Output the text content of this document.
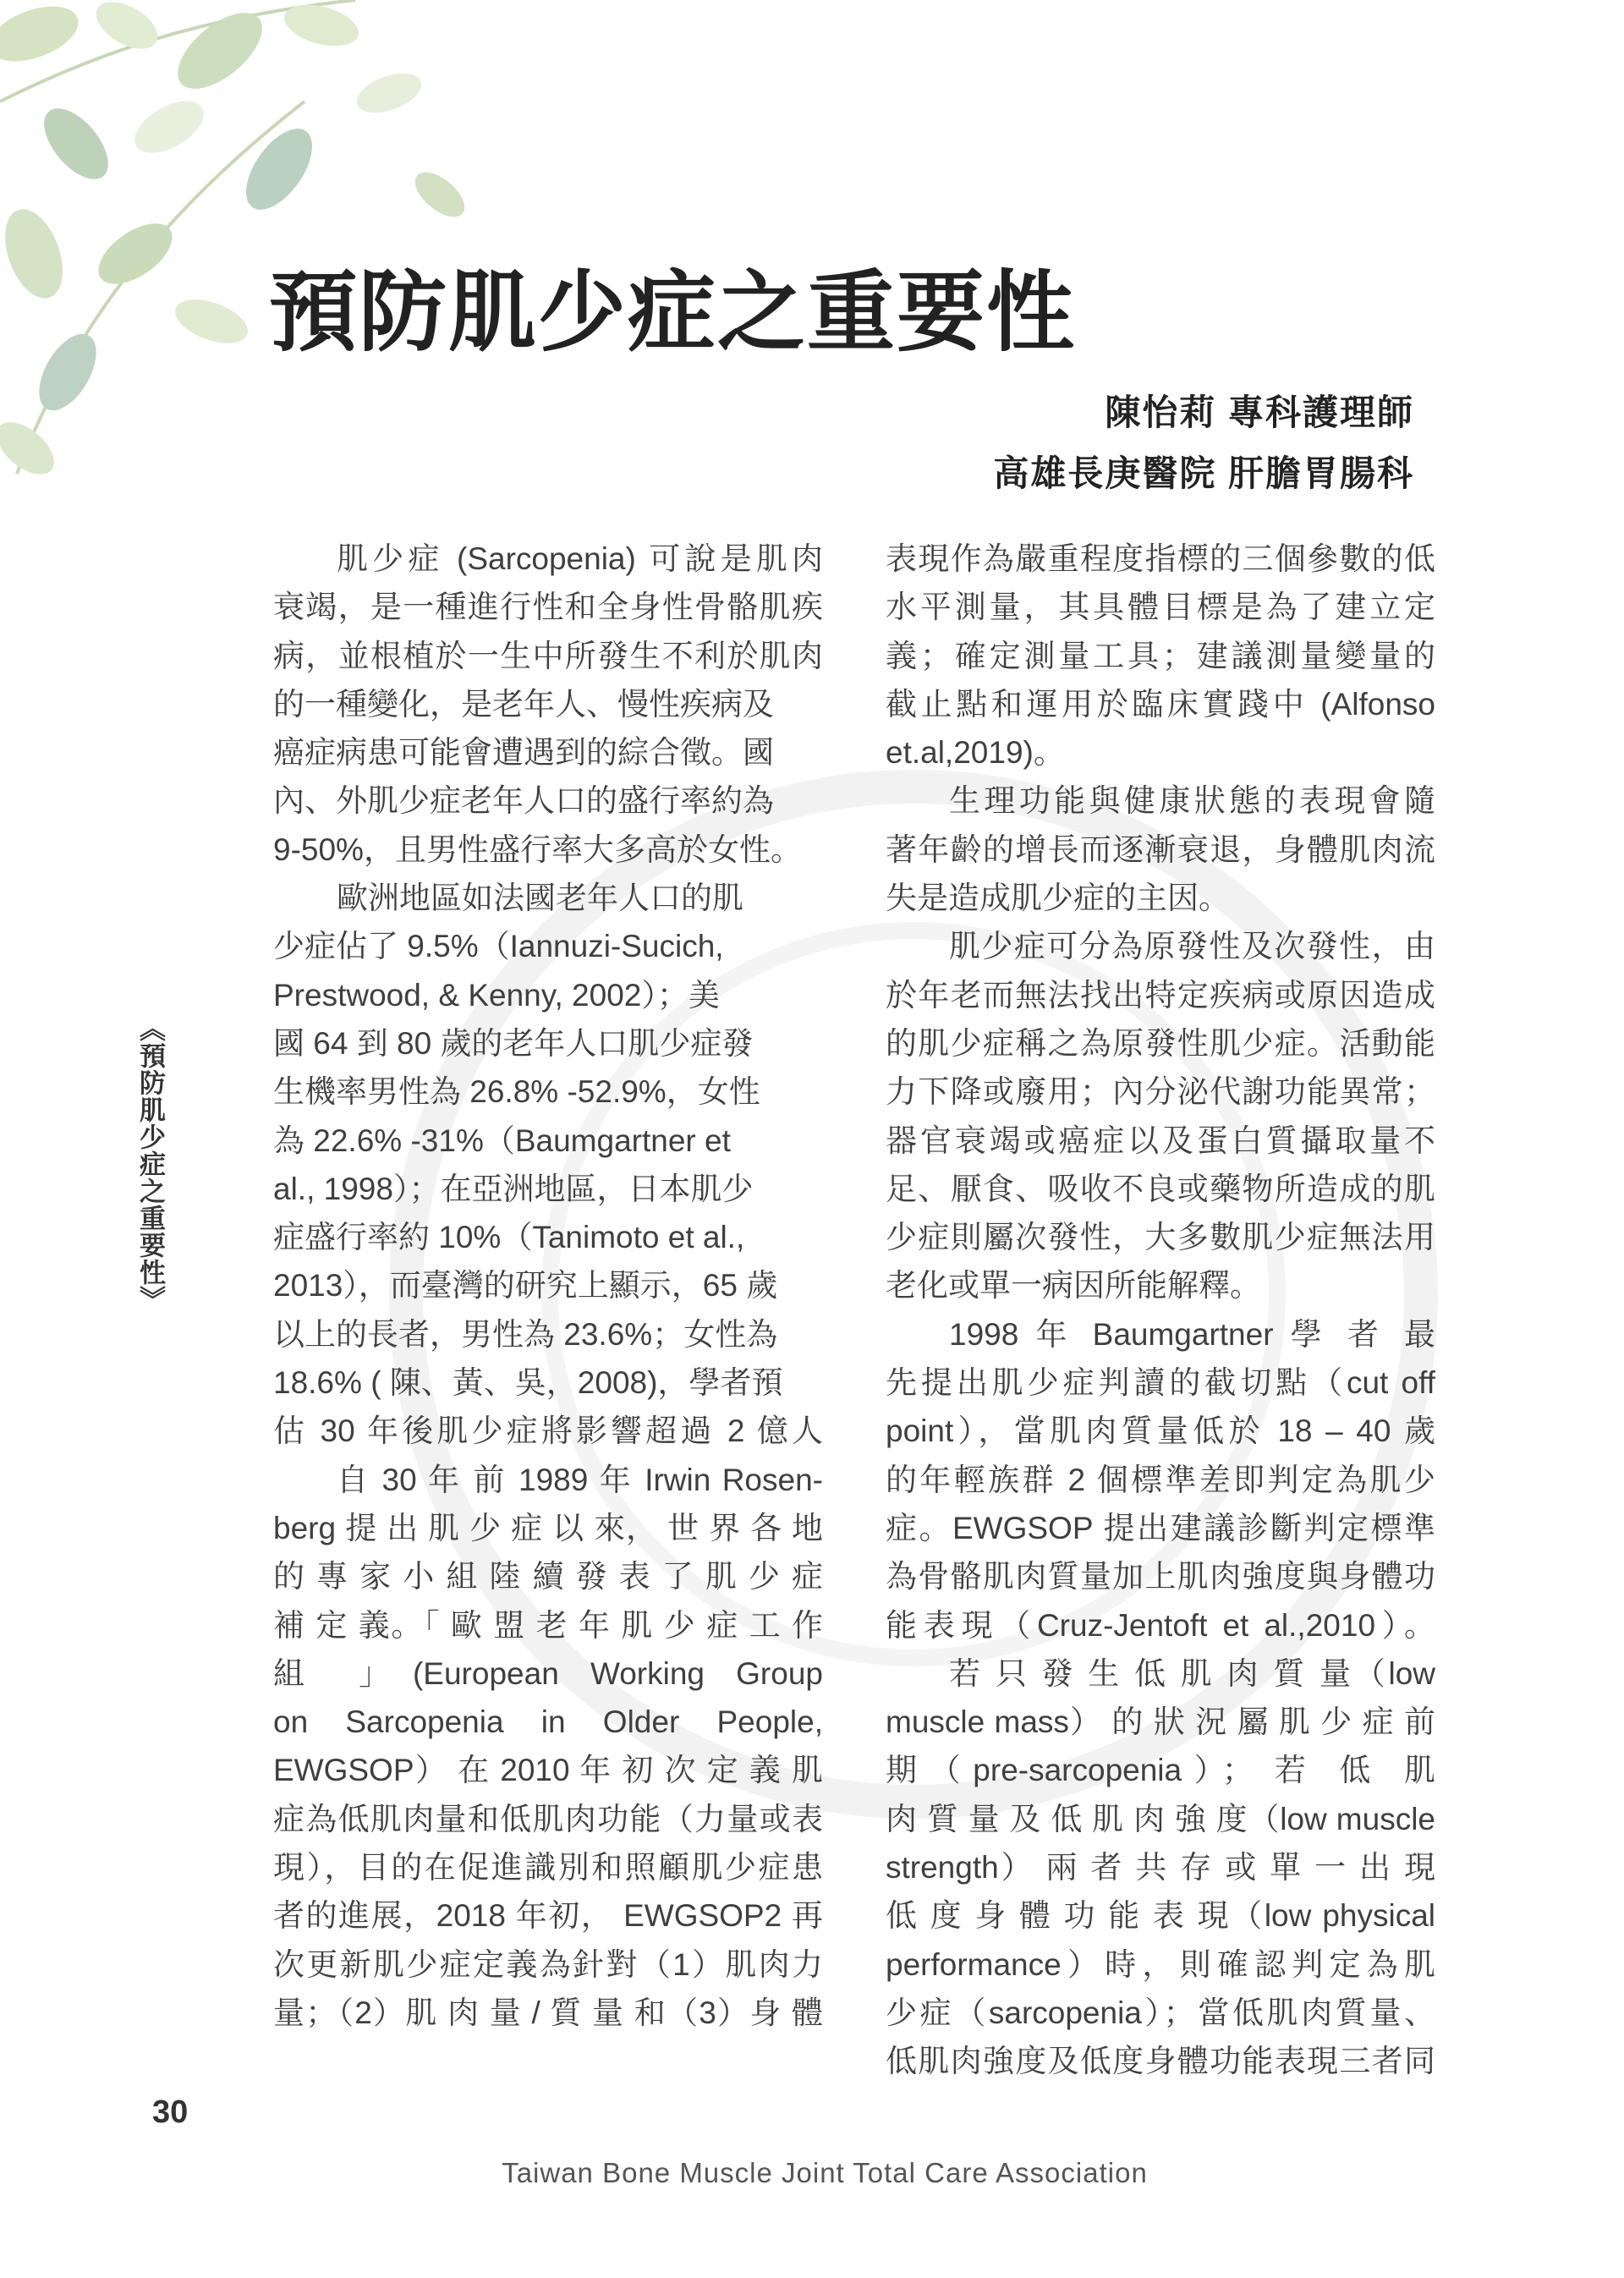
預防肌少症之重要性
陳怡莉 專科護理師
高雄長庚醫院 肝膽胃腸科
《預防肌少症之重要性》
肌少症 (Sarcopenia) 可說是肌肉
衰竭，是一種進行性和全身性骨骼肌疾
病，並根植於一生中所發生不利於肌肉
的一種變化，是老年人、慢性疾病及
癌症病患可能會遭遇到的綜合徵。國
內、外肌少症老年人口的盛行率約為
9-50%，且男性盛行率大多高於女性。
歐洲地區如法國老年人口的肌
少症佔了 9.5%（Iannuzi-Sucich,
Prestwood, & Kenny, 2002）；美
國 64 到 80 歲的老年人口肌少症發
生機率男性為 26.8% -52.9%，女性
為 22.6% -31%（Baumgartner et
al., 1998）；在亞洲地區，日本肌少
症盛行率約 10%（Tanimoto et al.,
2013），而臺灣的研究上顯示，65 歲
以上的長者，男性為 23.6%；女性為
18.6% ( 陳、黃、吳，2008)，學者預
估 30 年後肌少症將影響超過 2 億人
自 30 年 前 1989 年 Irwin Rosen-
berg 提 出 肌 少 症 以 來， 世 界 各 地
的 專 家 小 組 陸 續 發 表 了 肌 少 症
補 定 義。「 歐 盟 老 年 肌 少 症 工 作
組 」(European Working Group
on Sarcopenia in Older People,
EWGSOP） 在 2010 年 初 次 定 義 肌
症為低肌肉量和低肌肉功能（力量或表
現），目的在促進識別和照顧肌少症患
者的進展，2018 年初， EWGSOP2 再
次更新肌少症定義為針對（1）肌肉力
量；（2）肌 肉 量 / 質 量 和（3）身 體
表現作為嚴重程度指標的三個參數的低
水平測量，其具體目標是為了建立定
義；確定測量工具；建議測量變量的
截止點和運用於臨床實踐中 (Alfonso
et.al,2019)。
生理功能與健康狀態的表現會隨
著年齡的增長而逐漸衰退，身體肌肉流
失是造成肌少症的主因。
肌少症可分為原發性及次發性，由
於年老而無法找出特定疾病或原因造成
的肌少症稱之為原發性肌少症。活動能
力下降或廢用；內分泌代謝功能異常；
器官衰竭或癌症以及蛋白質攝取量不
足、厭食、吸收不良或藥物所造成的肌
少症則屬次發性，大多數肌少症無法用
老化或單一病因所能解釋。
1998 年 Baumgartner 學 者 最
先提出肌少症判讀的截切點（cut off
point），當肌肉質量低於 18 – 40 歲
的年輕族群 2 個標準差即判定為肌少
症。EWGSOP 提出建議診斷判定標準
為骨骼肌肉質量加上肌肉強度與身體功
能表現（Cruz-Jentoft et al.,2010）。
若 只 發 生 低 肌 肉 質 量（low
muscle mass） 的 狀 況 屬 肌 少 症 前
期（pre-sarcopenia）； 若 低 肌
肉 質 量 及 低 肌 肉 強 度（low muscle
strength） 兩 者 共 存 或 單 一 出 現
低 度 身 體 功 能 表 現（low physical
performance）時，則確認判定為肌
少症（sarcopenia）；當低肌肉質量、
低肌肉強度及低度身體功能表現三者同
30
Taiwan Bone Muscle Joint Total Care Association
